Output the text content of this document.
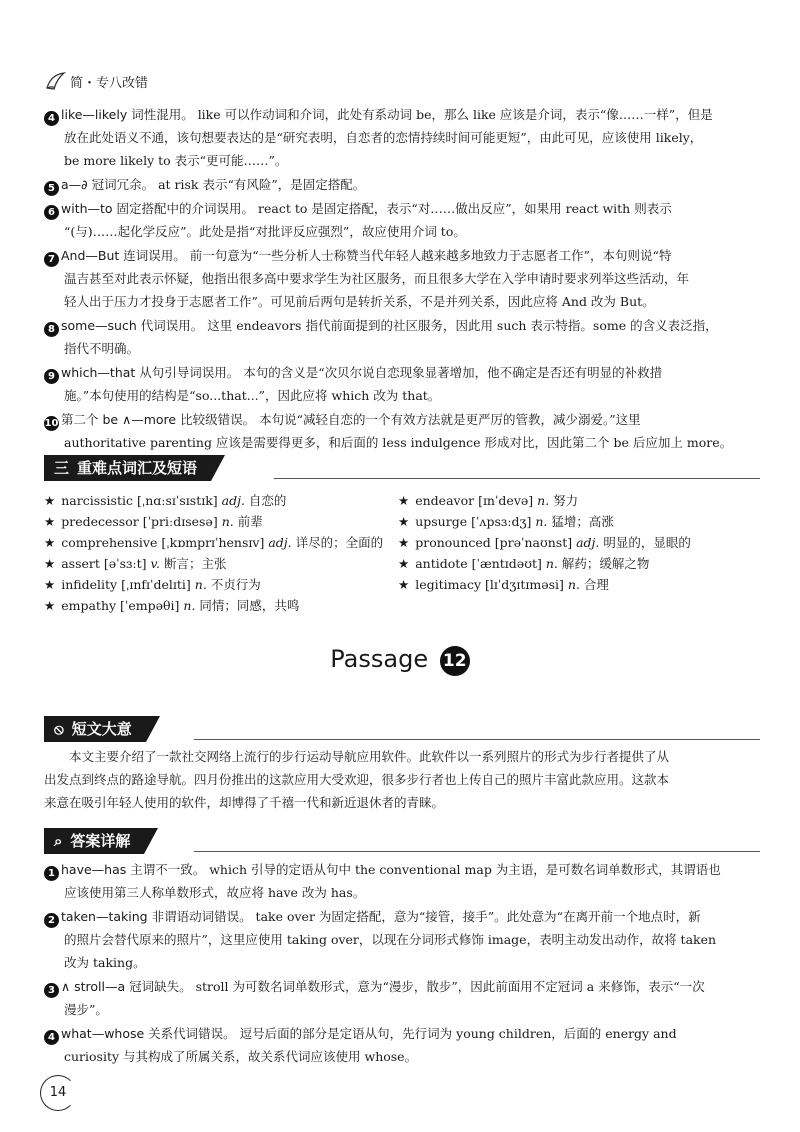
简・专八改错
4 like—likely 词性混用。 like 可以作动词和介词，此处有系动词 be，那么 like 应该是介词，表示“像……一样”，但是
放在此处语义不通，该句想要表达的是“研究表明，自恋者的恋情持续时间可能更短”，由此可见，应该使用 likely，
be more likely to 表示“更可能……”。
5 a—∂ 冠词冗余。 at risk 表示“有风险”，是固定搭配。
6 with—to 固定搭配中的介词误用。 react to 是固定搭配，表示“对……做出反应”，如果用 react with 则表示
“(与)……起化学反应”。此处是指“对批评反应强烈”，故应使用介词 to。
7 And—But 连词误用。 前一句意为“一些分析人士称赞当代年轻人越来越多地致力于志愿者工作”，本句则说“特
温吉甚至对此表示怀疑，他指出很多高中要求学生为社区服务，而且很多大学在入学申请时要求列举这些活动，年
轻人出于压力才投身于志愿者工作”。可见前后两句是转折关系，不是并列关系，因此应将 And 改为 But。
8 some—such 代词误用。 这里 endeavors 指代前面提到的社区服务，因此用 such 表示特指。some 的含义表泛指，
指代不明确。
9 which—that 从句引导词误用。 本句的含义是“次贝尔说自恋现象显著增加，他不确定是否还有明显的补救措
施。”本句使用的结构是“so...that...”，因此应将 which 改为 that。
10 第二个 be ∧—more 比较级错误。 本句说“减轻自恋的一个有效方法就是更严厉的管教，减少溺爱。”这里
authoritative parenting 应该是需要得更多，和后面的 less indulgence 形成对比，因此第二个 be 后应加上 more。
三 重难点词汇及短语
★ narcissistic [ˌnɑːsɪˈsɪstɪk] adj. 自恋的
★ predecessor [ˈpriːdɪsesə] n. 前辈
★ comprehensive [ˌkɒmprɪˈhensɪv] adj. 详尽的；全面的
★ assert [əˈsɜːt] v. 断言；主张
★ infidelity [ˌɪnfɪˈdelɪti] n. 不贞行为
★ empathy [ˈempəθi] n. 同情；同感，共鸣
★ endeavor [ɪnˈdevə] n. 努力
★ upsurge [ˈʌpsɜːdʒ] n. 猛增；高涨
★ pronounced [prəˈnaʊnst] adj. 明显的，显眼的
★ antidote [ˈæntɪdəʊt] n. 解药；缓解之物
★ legitimacy [lɪˈdʒɪtɪməsi] n. 合理
Passage 12
⦸ 短文大意
本文主要介绍了一款社交网络上流行的步行运动导航应用软件。此软件以一系列照片的形式为步行者提供了从
出发点到终点的路途导航。四月份推出的这款应用大受欢迎，很多步行者也上传自己的照片丰富此款应用。这款本
来意在吸引年轻人使用的软件，却博得了千禧一代和新近退休者的青睐。
⌕ 答案详解
1 have—has 主谓不一致。 which 引导的定语从句中 the conventional map 为主语，是可数名词单数形式，其谓语也
应该使用第三人称单数形式，故应将 have 改为 has。
2 taken—taking 非谓语动词错误。 take over 为固定搭配，意为“接管，接手”。此处意为“在离开前一个地点时，新
的照片会替代原来的照片”，这里应使用 taking over，以现在分词形式修饰 image，表明主动发出动作，故将 taken
改为 taking。
3 ∧ stroll—a 冠词缺失。 stroll 为可数名词单数形式，意为“漫步，散步”，因此前面用不定冠词 a 来修饰，表示“一次
漫步”。
4 what—whose 关系代词错误。 逗号后面的部分是定语从句，先行词为 young children，后面的 energy and
curiosity 与其构成了所属关系，故关系代词应该使用 whose。
14
